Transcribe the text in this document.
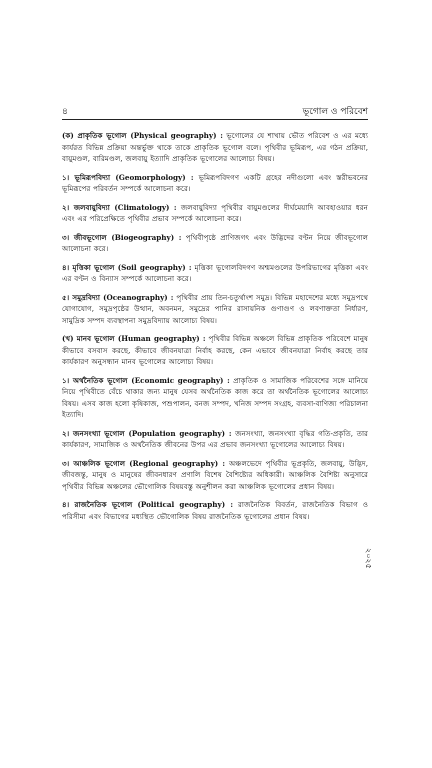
৪	ভূগোল ও পরিবেশ

(ক) প্রাকৃতিক ভূগোল (Physical geography) : ভূগোলের যে শাখায় ভৌত পরিবেশ ও এর মধ্যে কার্যরত বিভিন্ন প্রক্রিয়া অন্তর্ভুক্ত থাকে তাকে প্রাকৃতিক ভূগোল বলে। পৃথিবীর ভূমিরূপ, এর গঠন প্রক্রিয়া, বায়ুমণ্ডল, বারিমণ্ডল, জলবায়ু ইত্যাদি প্রাকৃতিক ভূগোলের আলোচ্য বিষয়।

১। ভূমিরূপবিদ্যা (Geomorphology) : ভূমিরূপবিদগণ একটি গ্রহের নদীগুলো এবং স্তরীভবনের ভূমিরূপের পরিবর্তন সম্পর্কে আলোচনা করে।

২। জলবায়ুবিদ্যা (Climatology) : জলবায়ুবিদ্যা পৃথিবীর বায়ুমণ্ডলের দীর্ঘমেয়াদি আবহাওয়ার ধরন এবং এর পরিপ্রেক্ষিতে পৃথিবীর প্রভাব সম্পর্কে আলোচনা করে।

৩। জীবভূগোল (Biogeography) : পৃথিবীপৃষ্ঠে প্রাণিজগৎ এবং উদ্ভিদের বণ্টন নিয়ে জীবভূগোল আলোচনা করে।

৪। মৃত্তিকা ভূগোল (Soil geography) : মৃত্তিকা ভূগোলবিদগণ অশ্মমণ্ডলের উপরিভাগের মৃত্তিকা এবং এর বণ্টন ও বিন্যাস সম্পর্কে আলোচনা করে।

৫। সমুদ্রবিদ্যা (Oceanography) : পৃথিবীর প্রায় তিন-চতুর্থাংশ সমুদ্র। বিভিন্ন মহাদেশের মধ্যে সমুদ্রপথে যোগাযোগ, সমুদ্রপৃষ্ঠের উত্থান, অবনমন, সমুদ্রের পানির রাসায়নিক গুণাগুণ ও লবণাক্ততা নির্ধারণ, সামুদ্রিক সম্পদ ব্যবস্থাপনা সমুদ্রবিদ্যায় আলোচ্য বিষয়।

(খ) মানব ভূগোল (Human geography) : পৃথিবীর বিভিন্ন অঞ্চলে বিভিন্ন প্রাকৃতিক পরিবেশে মানুষ কীভাবে বসবাস করছে, কীভাবে জীবনযাত্রা নির্বাহ করছে, কেন এভাবে জীবনযাত্রা নির্বাহ করছে তার কার্যকারণ অনুসন্ধান মানব ভূগোলের আলোচ্য বিষয়।

১। অর্থনৈতিক ভূগোল (Economic geography) : প্রাকৃতিক ও সামাজিক পরিবেশের সঙ্গে মানিয়ে নিয়ে পৃথিবীতে বেঁচে থাকার জন্য মানুষ যেসব অর্থনৈতিক কাজ করে তা অর্থনৈতিক ভূগোলের আলোচ্য বিষয়। এসব কাজ হলো কৃষিকাজ, পশুপালন, বনজ সম্পদ, খনিজ সম্পদ সংগ্রহ, ব্যবসা-বাণিজ্য পরিচালনা ইত্যাদি।

২। জনসংখ্যা ভূগোল (Population geography) : জনসংখ্যা, জনসংখ্যা বৃদ্ধির গতি-প্রকৃতি, তার কার্যকারণ, সামাজিক ও অর্থনৈতিক জীবনের উপর এর প্রভাব জনসংখ্যা ভূগোলের আলোচ্য বিষয়।

৩। আঞ্চলিক ভূগোল (Regional geography) : অঞ্চলভেদে পৃথিবীর ভূপ্রকৃতি, জলবায়ু, উদ্ভিদ, জীবজন্তু, মানুষ ও মানুষের জীবনধারণ প্রণালি বিশেষ বৈশিষ্ট্যের অধিকারী। আঞ্চলিক বৈশিষ্ট্য অনুসারে পৃথিবীর বিভিন্ন অঞ্চলের ভৌগোলিক বিষয়বস্তু অনুশীলন করা আঞ্চলিক ভূগোলের প্রধান বিষয়।

৪। রাজনৈতিক ভূগোল (Political geography) : রাজনৈতিক বিবর্তন, রাজনৈতিক বিভাগ ও পরিসীমা এবং বিভাগের মধ্যস্থিত ভৌগোলিক বিষয় রাজনৈতিক ভূগোলের প্রধান বিষয়।

২০২৫
